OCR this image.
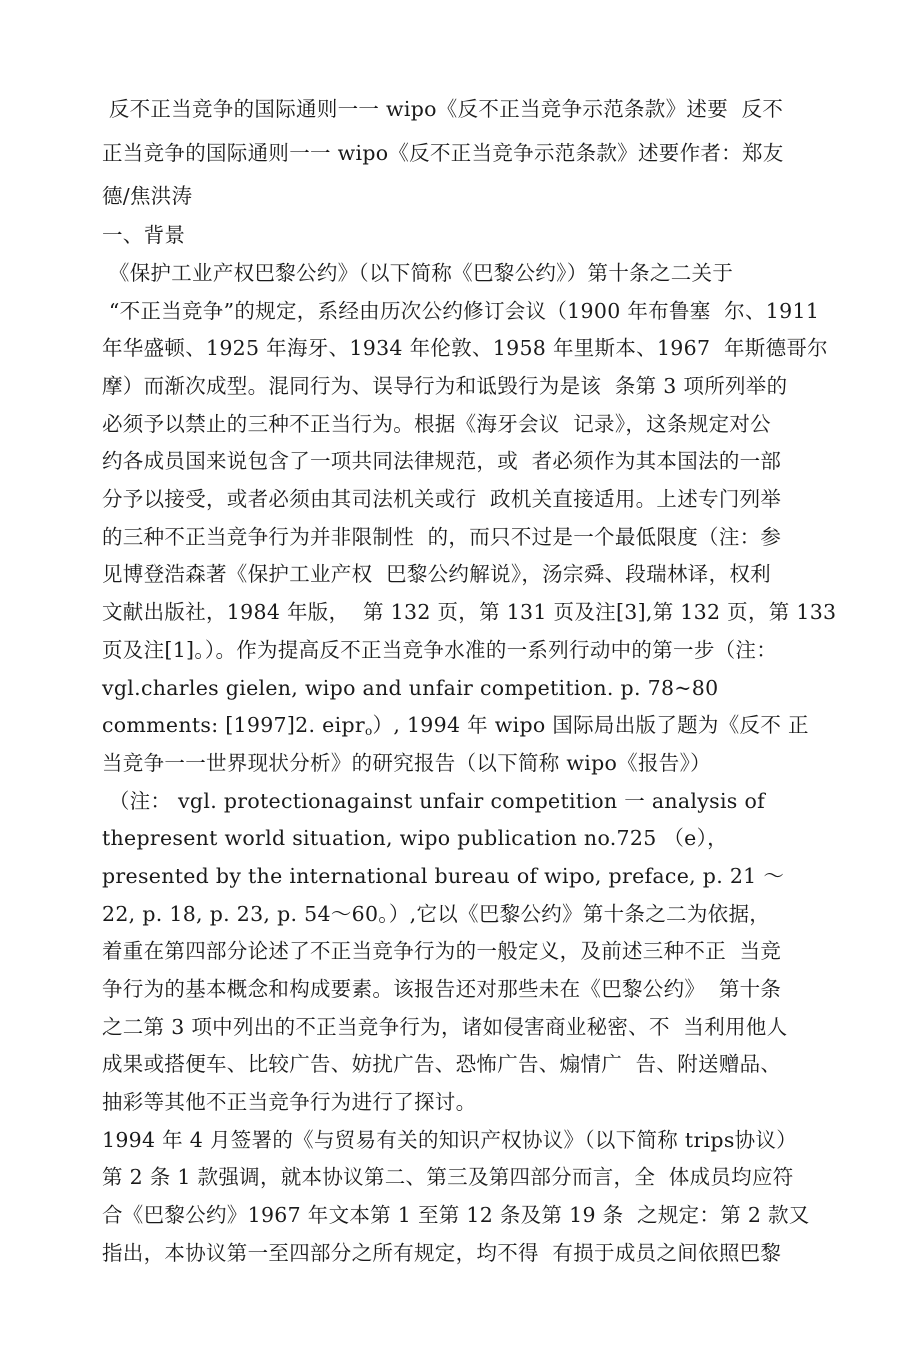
反不正当竞争的国际通则一一 wipo《反不正当竞争示范条款》述要  反不
正当竞争的国际通则一一 wipo《反不正当竞争示范条款》述要作者：郑友
德/焦洪涛
一、背景
《保护工业产权巴黎公约》（以下简称《巴黎公约》）第十条之二关于
“不正当竞争”的规定，系经由历次公约修订会议（1900 年布鲁塞  尔、1911
年华盛顿、1925 年海牙、1934 年伦敦、1958 年里斯本、1967  年斯德哥尔
摩）而渐次成型。混同行为、误导行为和诋毁行为是该  条第 3 项所列举的
必须予以禁止的三种不正当行为。根据《海牙会议  记录》，这条规定对公
约各成员国来说包含了一项共同法律规范，或  者必须作为其本国法的一部
分予以接受，或者必须由其司法机关或行  政机关直接适用。上述专门列举
的三种不正当竞争行为并非限制性  的，而只不过是一个最低限度（注：参
见博登浩森著《保护工业产权  巴黎公约解说》，汤宗舜、段瑞林译，权利
文献出版社，1984 年版，  第 132 页，第 131 页及注[3],第 132 页，第 133
页及注[1]。）。作为提高反不正当竞争水准的一系列行动中的第一步（注：
vgl.charles gielen, wipo and unfair competition. p. 78~80
comments: [1997]2. eipr$_o$）, 1994 年 wipo 国际局出版了题为《反不 正
当竞争一一世界现状分析》的研究报告（以下简称 wipo《报告》）
（注： vgl. protectionagainst unfair competition 一 analysis of
thepresent world situation, wipo publication no.725 （e），
presented by the international bureau of wipo, preface, p. 21 ～
22, p. 18, p. 23, p. 54～60。）,它以《巴黎公约》第十条之二为依据，
着重在第四部分论述了不正当竞争行为的一般定义，及前述三种不正  当竞
争行为的基本概念和构成要素。该报告还对那些未在《巴黎公约》  第十条
之二第 3 项中列出的不正当竞争行为，诸如侵害商业秘密、不  当利用他人
成果或搭便车、比较广告、妨扰广告、恐怖广告、煽情广  告、附送赠品、
抽彩等其他不正当竞争行为进行了探讨。
1994 年 4 月签署的《与贸易有关的知识产权协议》（以下简称 trips协议）
第 2 条 1 款强调，就本协议第二、第三及第四部分而言，全  体成员均应符
合《巴黎公约》1967 年文本第 1 至第 12 条及第 19 条  之规定：第 2 款又
指出，本协议第一至四部分之所有规定，均不得  有损于成员之间依照巴黎
